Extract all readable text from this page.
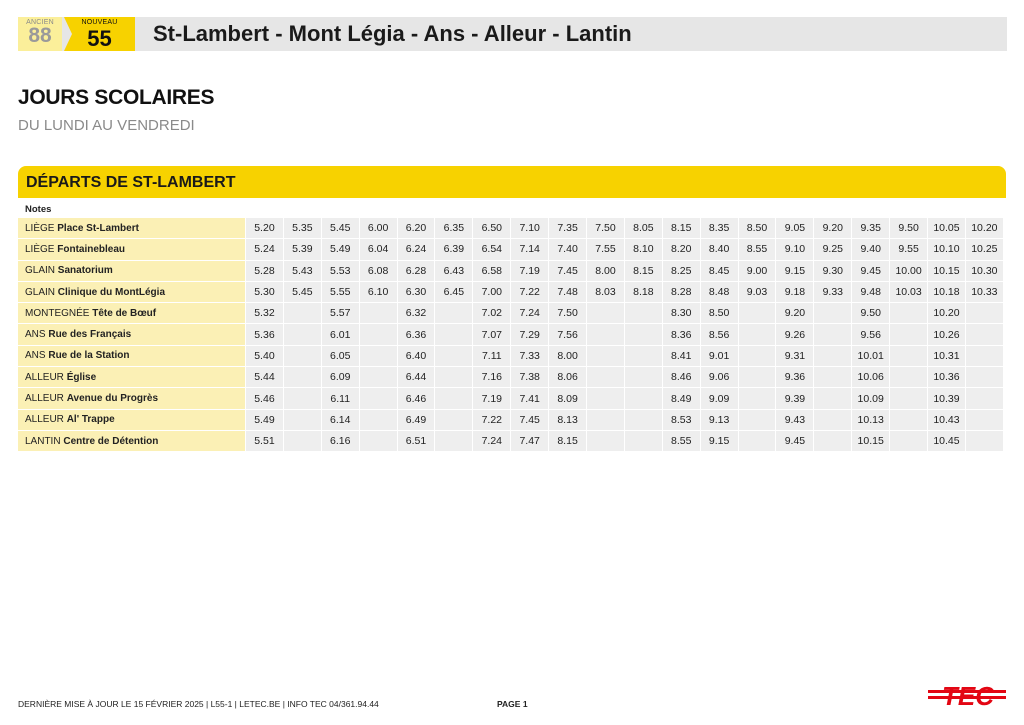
ANCIEN
88
NOUVEAU
55	St-Lambert - Mont Légia - Ans - Alleur - Lantin
JOURS SCOLAIRES
DU LUNDI AU VENDREDI
DÉPARTS DE ST-LAMBERT
Notes																				
LIÈGE Place St-Lambert	5.20	5.35	5.45	6.00	6.20	6.35	6.50	7.10	7.35	7.50	8.05	8.15	8.35	8.50	9.05	9.20	9.35	9.50	10.05	10.20
LIÈGE Fontainebleau	5.24	5.39	5.49	6.04	6.24	6.39	6.54	7.14	7.40	7.55	8.10	8.20	8.40	8.55	9.10	9.25	9.40	9.55	10.10	10.25
GLAIN Sanatorium	5.28	5.43	5.53	6.08	6.28	6.43	6.58	7.19	7.45	8.00	8.15	8.25	8.45	9.00	9.15	9.30	9.45	10.00	10.15	10.30
GLAIN Clinique du MontLégia	5.30	5.45	5.55	6.10	6.30	6.45	7.00	7.22	7.48	8.03	8.18	8.28	8.48	9.03	9.18	9.33	9.48	10.03	10.18	10.33
MONTEGNÉE Tête de Bœuf	5.32		5.57		6.32		7.02	7.24	7.50			8.30	8.50		9.20		9.50		10.20	
ANS Rue des Français	5.36		6.01		6.36		7.07	7.29	7.56			8.36	8.56		9.26		9.56		10.26	
ANS Rue de la Station	5.40		6.05		6.40		7.11	7.33	8.00			8.41	9.01		9.31		10.01		10.31	
ALLEUR Église	5.44		6.09		6.44		7.16	7.38	8.06			8.46	9.06		9.36		10.06		10.36	
ALLEUR Avenue du Progrès	5.46		6.11		6.46		7.19	7.41	8.09			8.49	9.09		9.39		10.09		10.39	
ALLEUR Al' Trappe	5.49		6.14		6.49		7.22	7.45	8.13			8.53	9.13		9.43		10.13		10.43	
LANTIN Centre de Détention	5.51		6.16		6.51		7.24	7.47	8.15			8.55	9.15		9.45		10.15		10.45	
DERNIÈRE MISE À JOUR LE 15 FÉVRIER 2025 | L55-1 | LETEC.BE | INFO TEC 04/361.94.44	PAGE 1	TEC
